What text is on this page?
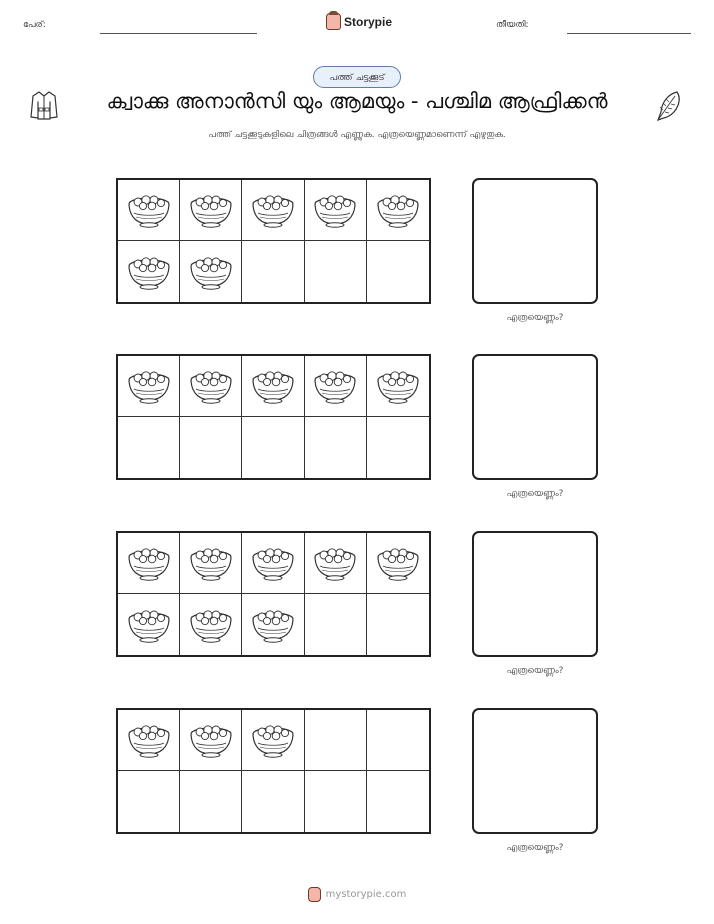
പേര്:	Storypie	തീയതി:
പത്ത് ചട്ടക്കൂട്
ക്വാക്കു അനാൻസി യും ആമയും - പശ്ചിമ ആഫ്രിക്കൻ
പത്ത് ചട്ടക്കൂടുകളിലെ ചിത്രങ്ങൾ എണ്ണുക. എത്രയെണ്ണമാണെന്ന് എഴുതുക.
എത്രയെണ്ണം?
എത്രയെണ്ണം?
എത്രയെണ്ണം?
എത്രയെണ്ണം?
mystorypie.com
